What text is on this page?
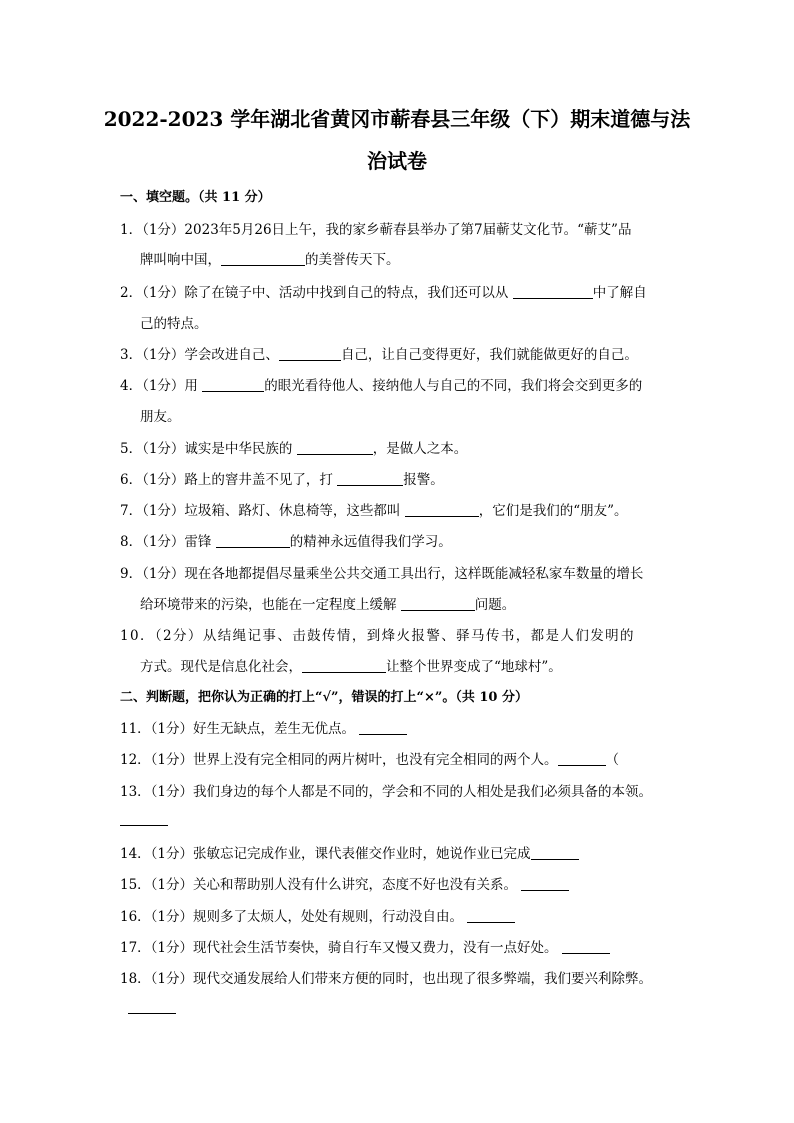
2022-2023 学年湖北省黄冈市蕲春县三年级（下）期末道德与法
治试卷
一、填空题。（共 11 分）
1．（1分）2023年5月26日上午，我的家乡蕲春县举办了第7届蕲艾文化节。“蕲艾”品
牌叫响中国，	的美誉传天下。
2．（1分）除了在镜子中、活动中找到自己的特点，我们还可以从	中了解自
己的特点。
3．（1分）学会改进自己、	自己，让自己变得更好，我们就能做更好的自己。
4．（1分）用	的眼光看待他人、接纳他人与自己的不同，我们将会交到更多的
朋友。
5．（1分）诚实是中华民族的	，是做人之本。
6．（1分）路上的窨井盖不见了，打	报警。
7．（1分）垃圾箱、路灯、休息椅等，这些都叫	，它们是我们的“朋友”。
8．（1分）雷锋	的精神永远值得我们学习。
9．（1分）现在各地都提倡尽量乘坐公共交通工具出行，这样既能减轻私家车数量的增长
给环境带来的污染，也能在一定程度上缓解	问题。
10．（2分）从结绳记事、击鼓传情，到烽火报警、驿马传书，都是人们发明的
方式。现代是信息化社会，	让整个世界变成了“地球村”。
二、判断题，把你认为正确的打上“√”，错误的打上“×”。（共 10 分）
11．（1分）好生无缺点，差生无优点。
12．（1分）世界上没有完全相同的两片树叶，也没有完全相同的两个人。	（
13．（1分）我们身边的每个人都是不同的，学会和不同的人相处是我们必须具备的本领。
14．（1分）张敏忘记完成作业，课代表催交作业时，她说作业已完成
15．（1分）关心和帮助别人没有什么讲究，态度不好也没有关系。
16．（1分）规则多了太烦人，处处有规则，行动没自由。
17．（1分）现代社会生活节奏快，骑自行车又慢又费力，没有一点好处。
18．（1分）现代交通发展给人们带来方便的同时，也出现了很多弊端，我们要兴利除弊。
